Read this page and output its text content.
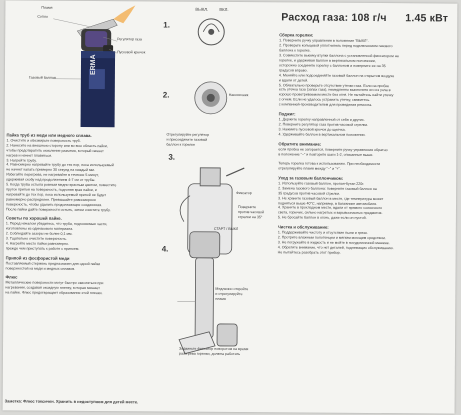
Пламя
Сопло
Регулятор газа
Пусковой крючок
Газовый баллон
ERMA
Пайка труб из меди или медного сплава.
1. Очистите и обезжирьте поверхность труб.
2. Нанесите на внешнюю сторону или во всю область пайки,
чтобы предотвратить окисление разъема, который начнет
нагрев и начнет плавиться.
3. Нагрейте трубу.
4. Равномерно нагревайте трубу до тех пор, пока используемый
не начнет капать примерно 30 секунд на каждый мм.
Избегайте перегрева, не нагревайте в течение 5 минут,
удерживая скобу над продолжением 4-7 см от трубы.
5. Когда труба остыла ровным медно-красным цветом, поместите
пруток припоя на поверхность, подгоняя края пайки, и
нагревайте до тех пор, пока используемый припой не будет
равномерно распределен. Превышайте равномерное
поверхность, чтобы удалить продолжающие соединения.
После пайки дайте поверхности остыть, затем очистите трубу.
Советы по хорошей пайке.
1. Перед началом убедитесь, что труба, подгоняемые части,
изготовлены из одинакового материала.
2. Соблюдайте зазоры не более 0,1 мм.
3. Тщательно очистите поверхность.
4. Нагрейте место пайки равномерно.
прежде чем приступать к работе с припоем.
Припой из фосфористой меди
Поставляемый стержень предназначен для одной пайки
поверхностей из меди и медных сплавов.
Флюс
Металлические поверхности могут быстро окисляться при
нагревании, создавая оксидную пленку, которая мешает
на пайке. Флюс предотвращает образование этой пленки.
Заметка: Флюс токсичен. Хранить в недоступном для детей месте.
ВЫКЛ.	ВКЛ.
1.
2.	Наконечник
Отрегулируйте регулятор
и присоедините газовый
баллон к горелке
3.
Фиксатор
Поверните
против часовой
стрелки на 35°
СТАРТ / ВЫКЛ
4.
Медленно откройте
и отрегулируйте
пламя
Задвиньте фиксатор поворотом на время
разогрева горелки, должна работать
Расход газа: 108 г/ч 1.45 кВт
Сборка горелки:
1. Поверните ручку управления в положение "ВЫКЛ".
2. Проверьте кольцевой уплотнитель перед подключением газового
баллона к горелке.
3. Совместите выемку втулки баллона с установленной фиксатором на
горелке, и удерживая баллон в вертикальном положении,
осторожно соедините горелку с баллоном и поверните ее на 35
градусов вправо.
4. Меняйте или подсоединяйте газовый баллон на открытом воздухе
и вдали от детей.
5. Обязательно проверьте отсутствие утечки газа. Если на пробке
есть утечка газа (запах газа), немедленно выключите его из узла в
хорошо проветриваемом месте без огня. Не пытайтесь найти утечку
с огнем. Если не удалось устранить утечку, свяжитесь
с компанией-производителем для проведения ремонта.
Поджиг:
1. Держите горелку направленной от себя и других.
2. Поверните регулятор газа против часовой стрелки.
3. Нажмите пусковой крючок до щелчка.
4. Удерживайте баллон в вертикальном положении.
Обратите внимание:
если пробка не загорается, поверните ручку управления обратно
в положение "−" и повторите шаги 1-2, описанные выше.
Теперь горелка готова к использованию. При необходимости
отрегулируйте пламя между "−" и "+".
Уход за газовым баллончиком:
1. Используйте газовый баллон, пропан-бутан 220г.
2. Замена газового баллона: поверните газовый баллон на
35 градусов против часовой стрелки.
3. Не храните газовый баллон в месте, где температура может
подняться выше 40°С, например, в багажнике автомобиля.
4. Храните в прохладном месте, вдали от прямого солнечного
света, горючих, сильно нагретых и взрывоопасных предметов.
5. Не бросайте баллон в огонь, даже если он пустой.
Чистка и обслуживание:
1. Поддерживайте чистоту и отсутствие пыли и грязи.
2. Протрите влажным полотенцем и мягким моющим средством.
3. Не погружайте в жидкость и не мойте в посудомоечной машине.
4. Обратите внимание, что нет деталей, подлежащих обслуживанию.
Не пытайтесь разобрать этот прибор.
